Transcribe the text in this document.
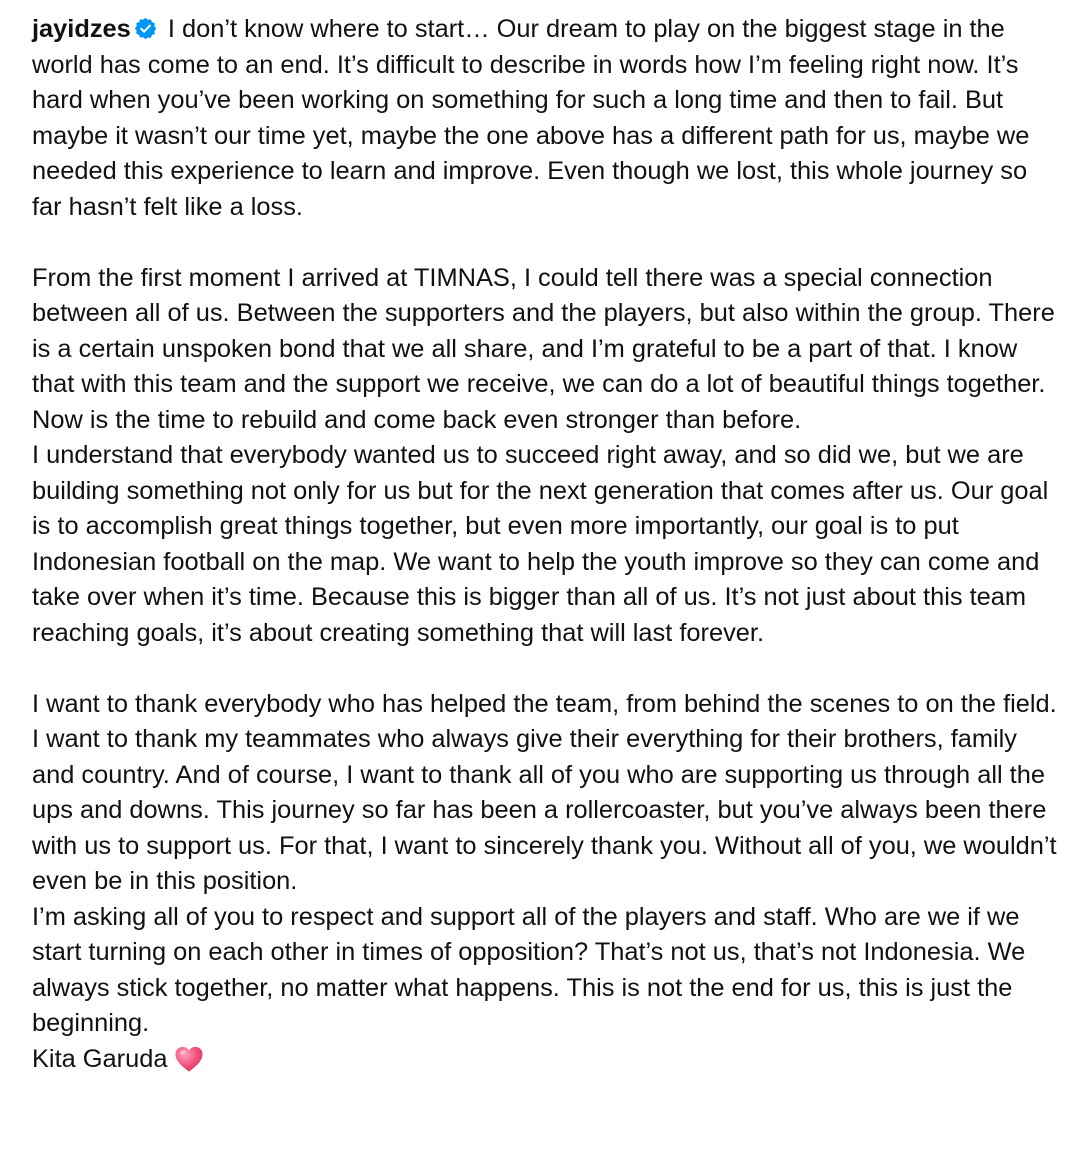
jayidzes
I don’t know where to start… Our dream to play on the biggest stage in the world has come to an end. It’s difficult to describe in words how I’m feeling right now. It’s hard when you’ve been working on something for such a long time and then to fail. But maybe it wasn’t our time yet, maybe the one above has a different path for us, maybe we needed this experience to learn and improve. Even though we lost, this whole journey so far hasn’t felt like a loss.

From the first moment I arrived at TIMNAS, I could tell there was a special connection between all of us. Between the supporters and the players, but also within the group. There is a certain unspoken bond that we all share, and I’m grateful to be a part of that. I know that with this team and the support we receive, we can do a lot of beautiful things together. Now is the time to rebuild and come back even stronger than before.

I understand that everybody wanted us to succeed right away, and so did we, but we are building something not only for us but for the next generation that comes after us. Our goal is to accomplish great things together, but even more importantly, our goal is to put Indonesian football on the map. We want to help the youth improve so they can come and take over when it’s time. Because this is bigger than all of us. It’s not just about this team reaching goals, it’s about creating something that will last forever.

I want to thank everybody who has helped the team, from behind the scenes to on the field. I want to thank my teammates who always give their everything for their brothers, family and country. And of course, I want to thank all of you who are supporting us through all the ups and downs. This journey so far has been a rollercoaster, but you’ve always been there with us to support us. For that, I want to sincerely thank you. Without all of you, we wouldn’t even be in this position.

I’m asking all of you to respect and support all of the players and staff. Who are we if we start turning on each other in times of opposition? That’s not us, that’s not Indonesia. We always stick together, no matter what happens. This is not the end for us, this is just the beginning.

Kita Garuda
